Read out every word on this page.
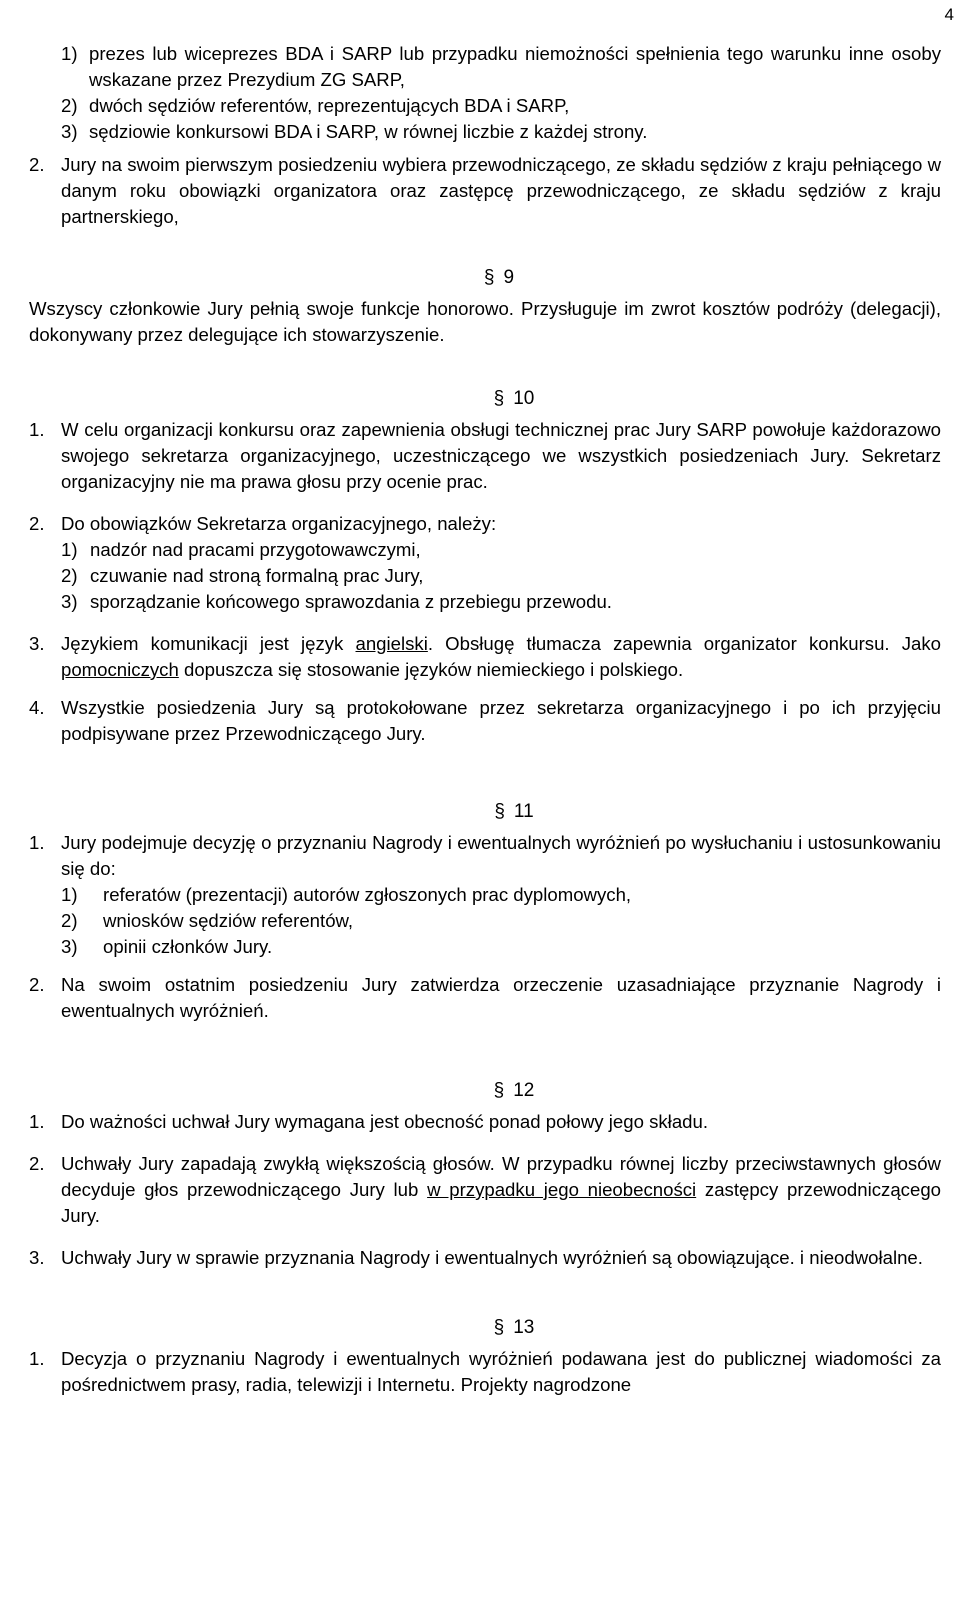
4
1) prezes lub wiceprezes BDA i SARP lub przypadku niemożności spełnienia tego warunku inne osoby wskazane przez Prezydium ZG SARP,
2) dwóch sędziów referentów, reprezentujących BDA i SARP,
3) sędziowie konkursowi BDA i SARP, w równej liczbie z każdej strony.
2. Jury na swoim pierwszym posiedzeniu wybiera przewodniczącego, ze składu sędziów z kraju pełniącego w danym roku obowiązki organizatora oraz zastępcę przewodniczącego, ze składu sędziów z kraju partnerskiego,
§ 9
Wszyscy członkowie Jury pełnią swoje funkcje honorowo. Przysługuje im zwrot kosztów podróży (delegacji), dokonywany przez delegujące ich stowarzyszenie.
§ 10
1. W celu organizacji konkursu oraz zapewnienia obsługi technicznej prac Jury SARP powołuje każdorazowo swojego sekretarza organizacyjnego, uczestniczącego we wszystkich posiedzeniach Jury. Sekretarz organizacyjny nie ma prawa głosu przy ocenie prac.
2. Do obowiązków Sekretarza organizacyjnego, należy:
1) nadzór nad pracami przygotowawczymi,
2) czuwanie nad stroną formalną prac Jury,
3) sporządzanie końcowego sprawozdania z przebiegu przewodu.
3. Językiem komunikacji jest język angielski. Obsługę tłumacza zapewnia organizator konkursu. Jako pomocniczych dopuszcza się stosowanie języków niemieckiego i polskiego.
4. Wszystkie posiedzenia Jury są protokołowane przez sekretarza organizacyjnego i po ich przyjęciu podpisywane przez Przewodniczącego Jury.
§ 11
1. Jury podejmuje decyzję o przyznaniu Nagrody i ewentualnych wyróżnień po wysłuchaniu i ustosunkowaniu się do:
1)	referatów (prezentacji) autorów zgłoszonych prac dyplomowych,
2)	wniosków sędziów referentów,
3)	opinii członków Jury.
2. Na swoim ostatnim posiedzeniu Jury zatwierdza orzeczenie uzasadniające przyznanie Nagrody i ewentualnych wyróżnień.
§ 12
1. Do ważności uchwał Jury wymagana jest obecność ponad połowy jego składu.
2. Uchwały Jury zapadają zwykłą większością głosów. W przypadku równej liczby przeciwstawnych głosów decyduje głos przewodniczącego Jury lub w przypadku jego nieobecności zastępcy przewodniczącego Jury.
3. Uchwały Jury w sprawie przyznania Nagrody i ewentualnych wyróżnień są obowiązujące. i nieodwołalne.
§ 13
1. Decyzja o przyznaniu Nagrody i ewentualnych wyróżnień podawana jest do publicznej wiadomości za pośrednictwem prasy, radia, telewizji i Internetu. Projekty nagrodzone
